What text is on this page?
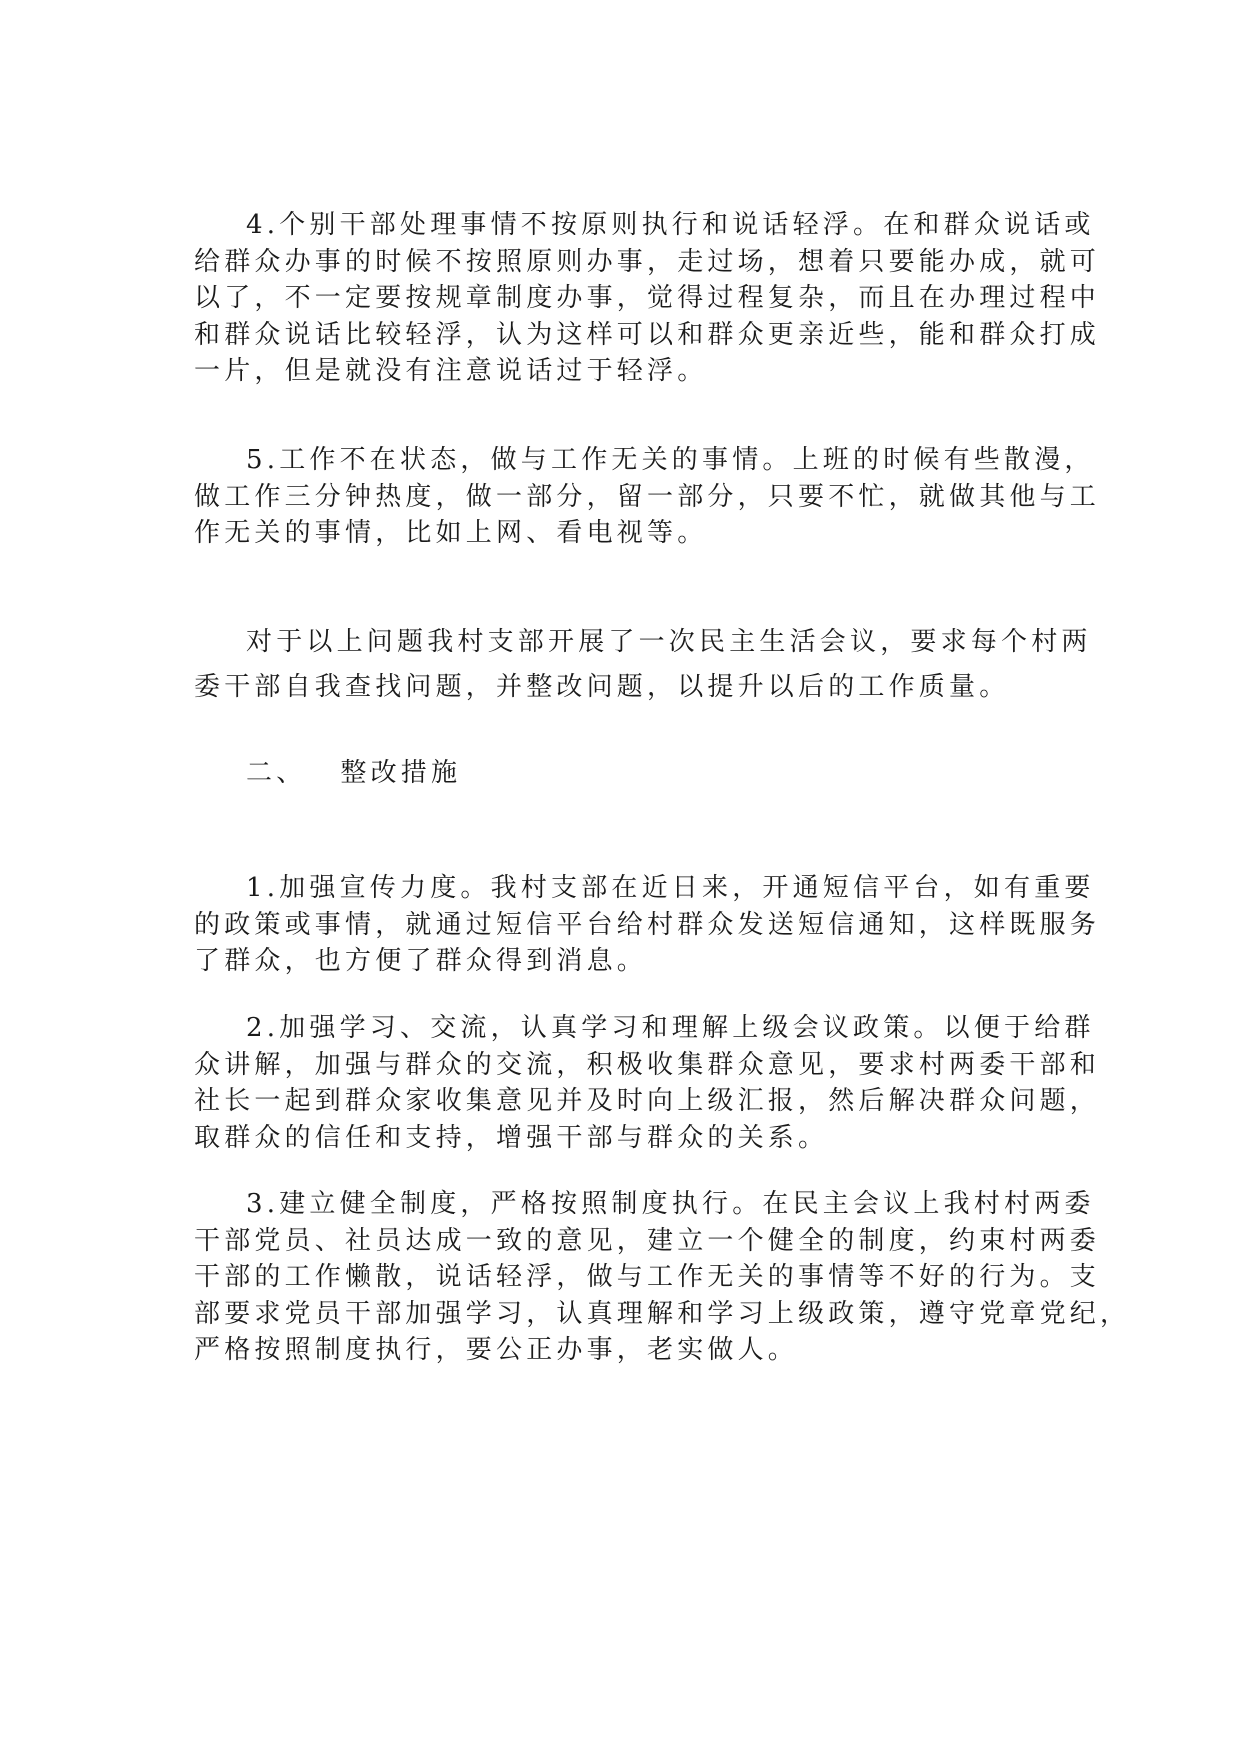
4.个别干部处理事情不按原则执行和说话轻浮。在和群众说话或
给群众办事的时候不按照原则办事，走过场，想着只要能办成，就可
以了，不一定要按规章制度办事，觉得过程复杂，而且在办理过程中
和群众说话比较轻浮，认为这样可以和群众更亲近些，能和群众打成
一片，但是就没有注意说话过于轻浮。
5.工作不在状态，做与工作无关的事情。上班的时候有些散漫，
做工作三分钟热度，做一部分，留一部分，只要不忙，就做其他与工
作无关的事情，比如上网、看电视等。
对于以上问题我村支部开展了一次民主生活会议，要求每个村两
委干部自我查找问题，并整改问题，以提升以后的工作质量。
二、 整改措施
1.加强宣传力度。我村支部在近日来，开通短信平台，如有重要
的政策或事情，就通过短信平台给村群众发送短信通知，这样既服务
了群众，也方便了群众得到消息。
2.加强学习、交流，认真学习和理解上级会议政策。以便于给群
众讲解，加强与群众的交流，积极收集群众意见，要求村两委干部和
社长一起到群众家收集意见并及时向上级汇报，然后解决群众问题，
取群众的信任和支持，增强干部与群众的关系。
3.建立健全制度，严格按照制度执行。在民主会议上我村村两委
干部党员、社员达成一致的意见，建立一个健全的制度，约束村两委
干部的工作懒散，说话轻浮，做与工作无关的事情等不好的行为。支
部要求党员干部加强学习，认真理解和学习上级政策，遵守党章党纪，
严格按照制度执行，要公正办事，老实做人。
